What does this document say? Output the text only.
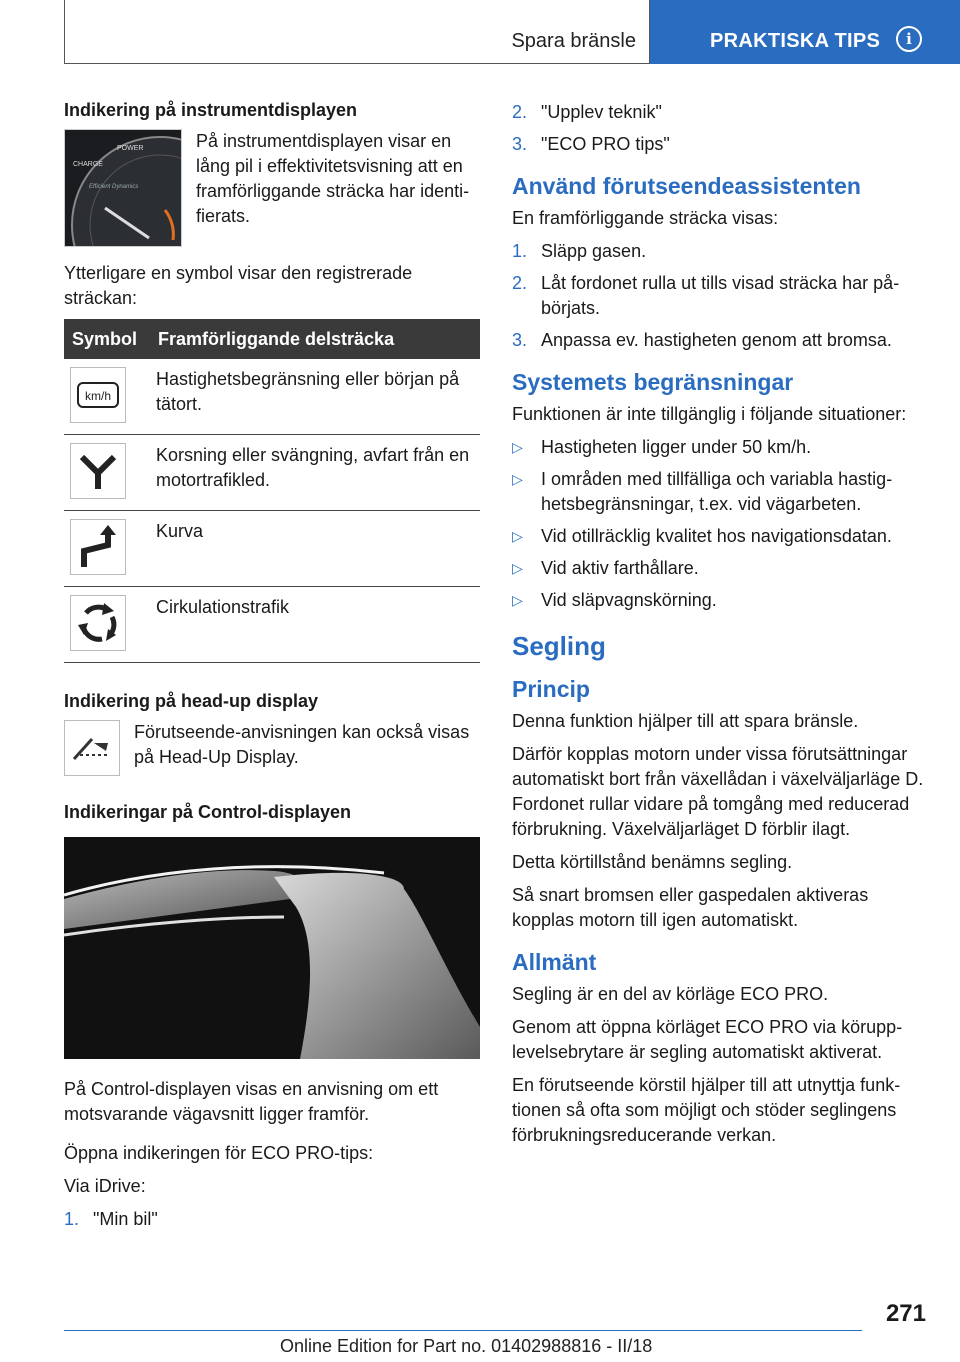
Spara bränsle	PRAKTISKA TIPS	i
Indikering på instrumentdisplayen
CHARGE
POWER
Efficient Dynamics

På instrumentdisplayen visar en lång pil i effektivitetsvisning att en framförliggande sträcka har identifierats.

Ytterligare en symbol visar den registrerade sträckan:

Symbol	Framförliggande delsträcka

km/h	Hastighetsbegränsning eller början på tätort.

	Korsning eller svängning, avfart från en motortrafikled.

	Kurva

	Cirkulationstrafik
Indikering på head-up display

Förutseende-anvisningen kan också visas på Head-Up Display.

Indikeringar på Control-displayen

På Control-displayen visas en anvisning om ett motsvarande vägavsnitt ligger framför.

Öppna indikeringen för ECO PRO-tips:

Via iDrive:

1. "Min bil"
2. "Upplev teknik"
3. "ECO PRO tips"
Använd förutseendeassistenten

En framförliggande sträcka visas:

1. Släpp gasen.
2. Låt fordonet rulla ut tills visad sträcka har påbörjats.
3. Anpassa ev. hastigheten genom att bromsa.
Systemets begränsningar

Funktionen är inte tillgänglig i följande situationer:

▷ Hastigheten ligger under 50 km/h.
▷ I områden med tillfälliga och variabla hastighetsbegränsningar, t.ex. vid vägarbeten.
▷ Vid otillräcklig kvalitet hos navigationsdatan.
▷ Vid aktiv farthållare.
▷ Vid släpvagnskörning.
Segling
Princip

Denna funktion hjälper till att spara bränsle.

Därför kopplas motorn under vissa förutsättningar automatiskt bort från växellådan i växelväljarläge D. Fordonet rullar vidare på tomgång med reducerad förbrukning. Växelväljarläget D förblir ilagt.

Detta körtillstånd benämns segling.

Så snart bromsen eller gaspedalen aktiveras kopplas motorn till igen automatiskt.

Allmänt

Segling är en del av körläge ECO PRO.

Genom att öppna körläget ECO PRO via körupplevelsebrytare är segling automatiskt aktiverat.

En förutseende körstil hjälper till att utnyttja funktionen så ofta som möjligt och stöder seglingens förbrukningsreducerande verkan.

271
Online Edition for Part no. 01402988816 - II/18
